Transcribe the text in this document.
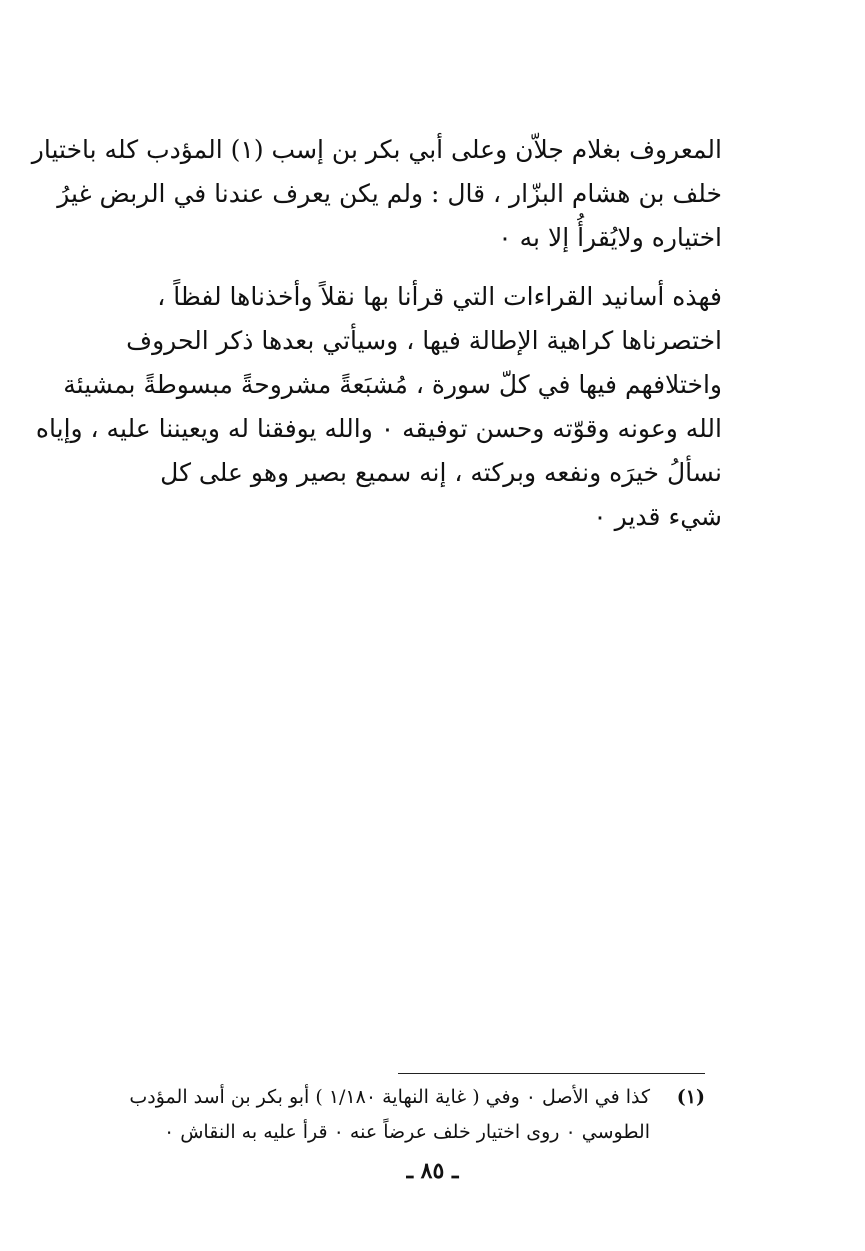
المعروف بغلام جلاّن وعلى أبي بكر بن إسب (١) المؤدب كله باختيار
خلف بن هشام البزّار ، قال : ولم يكن يعرف عندنا في الربض غيرُ
اختياره ولايُقرأُ إلا به ٠
فهذه أسانيد القراءات التي قرأنا بها نقلاً وأخذناها لفظاً ،
اختصرناها كراهية الإطالة فيها ، وسيأتي بعدها ذكر الحروف
واختلافهم فيها في كلّ سورة ، مُشبَعةً مشروحةً مبسوطةً بمشيئة
الله وعونه وقوّته وحسن توفيقه ٠ والله يوفقنا له ويعيننا عليه ، وإياه
نسألُ خيرَه ونفعه وبركته ، إنه سميع بصير وهو على كل
شيء قدير ٠
(١)
كذا في الأصل ٠ وفي ( غاية النهاية ١/١٨٠ ) أبو بكر بن أسد المؤدب
الطوسي ٠ روى اختيار خلف عرضاً عنه ٠ قرأ عليه به النقاش ٠
ـ ٨٥ ـ
